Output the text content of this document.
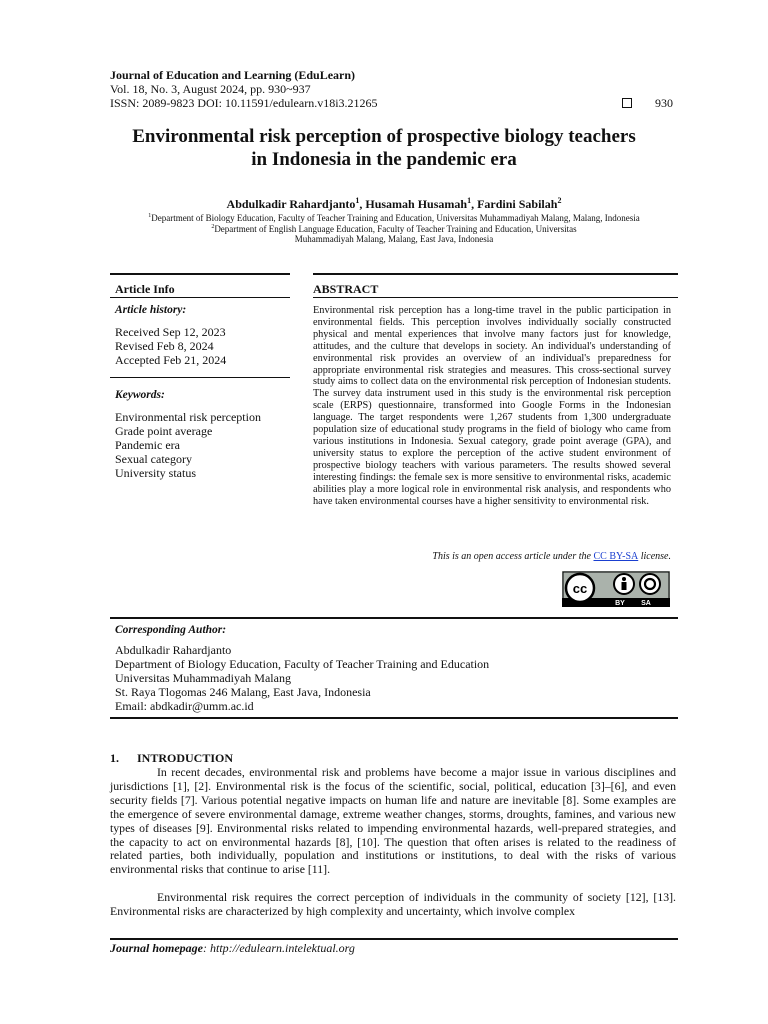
Journal of Education and Learning (EduLearn)
Vol. 18, No. 3, August 2024, pp. 930~937
ISSN: 2089-9823 DOI: 10.11591/edulearn.v18i3.21265	930
Environmental risk perception of prospective biology teachers
in Indonesia in the pandemic era
Abdulkadir Rahardjanto$^1$, Husamah Husamah$^1$, Fardini Sabilah$^2$
$^1$Department of Biology Education, Faculty of Teacher Training and Education, Universitas Muhammadiyah Malang, Malang, Indonesia
$^2$Department of English Language Education, Faculty of Teacher Training and Education, Universitas
Muhammadiyah Malang, Malang, East Java, Indonesia
Article Info	ABSTRACT
Article history:
Received Sep 12, 2023
Revised Feb 8, 2024
Accepted Feb 21, 2024
Keywords:
Environmental risk perception
Grade point average
Pandemic era
Sexual category
University status
Environmental risk perception has a long-time travel in the public participation in environmental fields. This perception involves individually socially constructed physical and mental experiences that involve many factors just for knowledge, attitudes, and the culture that develops in society. An individual's understanding of environmental risk provides an overview of an individual's preparedness for appropriate environmental risk strategies and measures. This cross-sectional survey study aims to collect data on the environmental risk perception of Indonesian students. The survey data instrument used in this study is the environmental risk perception scale (ERPS) questionnaire, transformed into Google Forms in the Indonesian language. The target respondents were 1,267 students from 1,300 undergraduate population size of educational study programs in the field of biology who came from various institutions in Indonesia. Sexual category, grade point average (GPA), and university status to explore the perception of the active student environment of prospective biology teachers with various parameters. The results showed several interesting findings: the female sex is more sensitive to environmental risks, academic abilities play a more logical role in environmental risk analysis, and respondents who have taken environmental courses have a higher sensitivity to environmental risk.
This is an open access article under the CC BY-SA license.
cc
BY SA
Corresponding Author:
Abdulkadir Rahardjanto
Department of Biology Education, Faculty of Teacher Training and Education
Universitas Muhammadiyah Malang
St. Raya Tlogomas 246 Malang, East Java, Indonesia
Email: abdkadir@umm.ac.id
1.      INTRODUCTION
In recent decades, environmental risk and problems have become a major issue in various disciplines and jurisdictions [1], [2]. Environmental risk is the focus of the scientific, social, political, education [3]–[6], and even security fields [7]. Various potential negative impacts on human life and nature are inevitable [8]. Some examples are the emergence of severe environmental damage, extreme weather changes, storms, droughts, famines, and various new types of diseases [9]. Environmental risks related to impending environmental hazards, well-prepared strategies, and the capacity to act on environmental hazards [8], [10]. The question that often arises is related to the readiness of related parties, both individually, population and institutions or institutions, to deal with the risks of various environmental risks that continue to arise [11].
Environmental risk requires the correct perception of individuals in the community of society [12], [13]. Environmental risks are characterized by high complexity and uncertainty, which involve complex
Journal homepage: http://edulearn.intelektual.org
